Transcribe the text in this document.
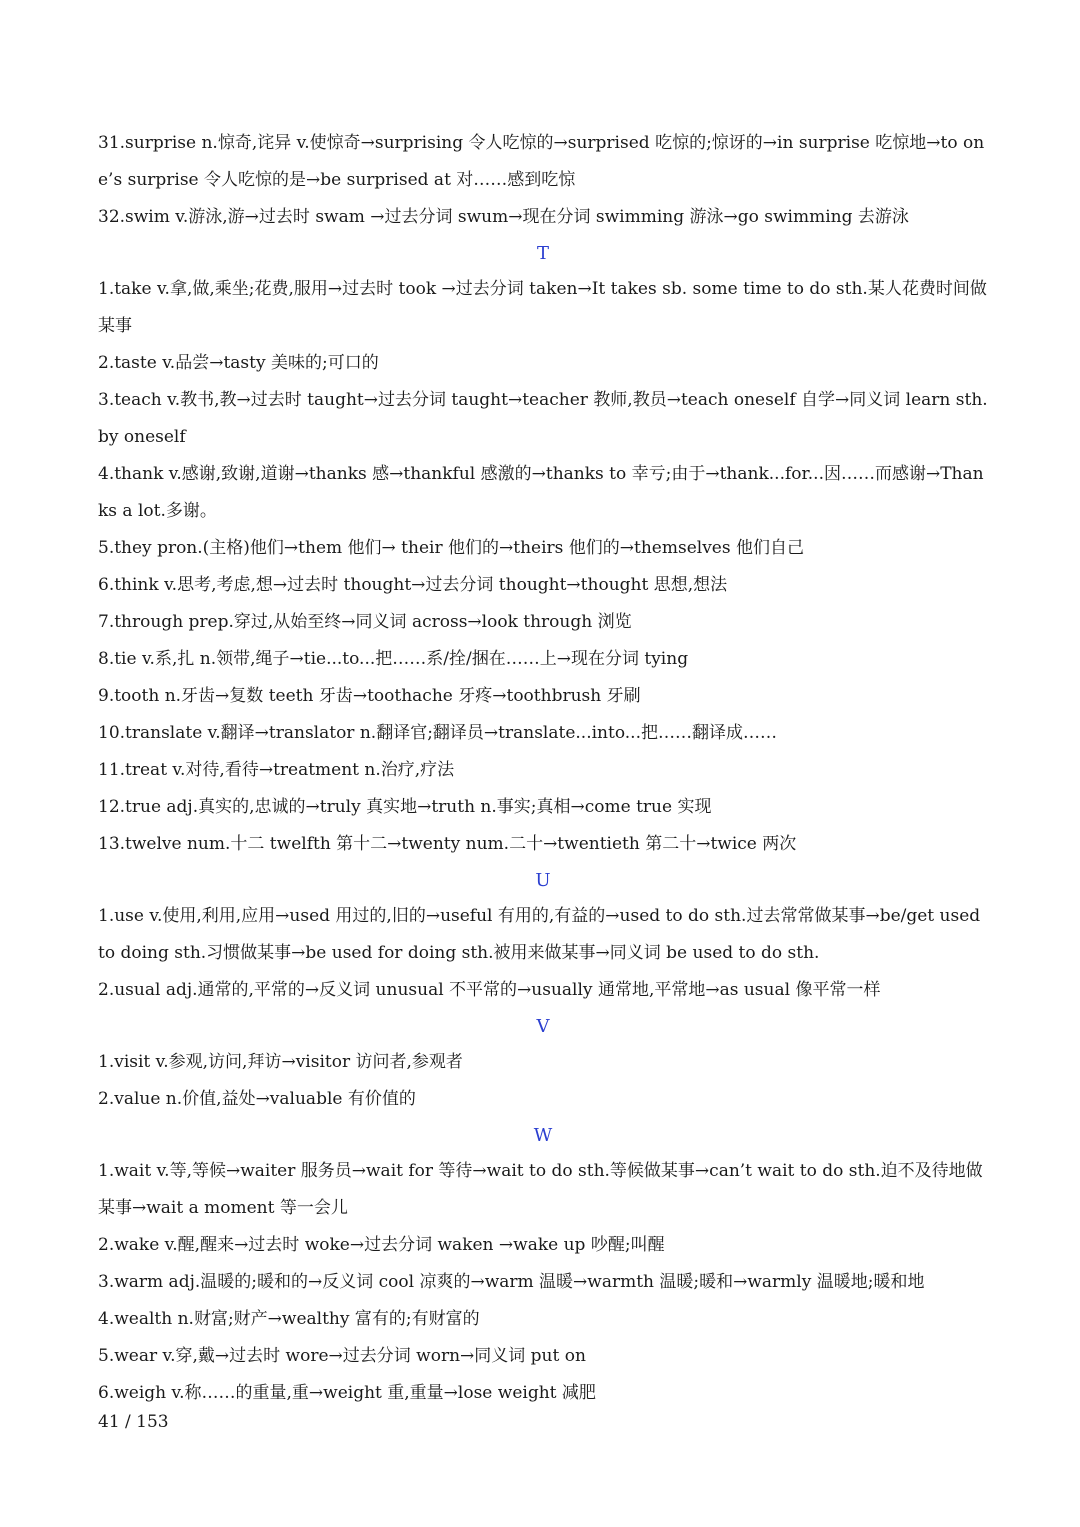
31.surprise n.惊奇,诧异 v.使惊奇→surprising 令人吃惊的→surprised 吃惊的;惊讶的→in surprise 吃惊地→to one’s surprise 令人吃惊的是→be surprised at 对……感到吃惊

32.swim v.游泳,游→过去时 swam →过去分词 swum→现在分词 swimming 游泳→go swimming 去游泳

T

1.take v.拿,做,乘坐;花费,服用→过去时 took →过去分词 taken→It takes sb. some time to do sth.某人花费时间做某事

2.taste v.品尝→tasty 美味的;可口的

3.teach v.教书,教→过去时 taught→过去分词 taught→teacher 教师,教员→teach oneself 自学→同义词 learn sth. by oneself

4.thank v.感谢,致谢,道谢→thanks 感→thankful 感激的→thanks to 幸亏;由于→thank...for...因……而感谢→Thanks a lot.多谢。

5.they pron.(主格)他们→them 他们→ their 他们的→theirs 他们的→themselves 他们自己

6.think v.思考,考虑,想→过去时 thought→过去分词 thought→thought 思想,想法

7.through prep.穿过,从始至终→同义词 across→look through 浏览

8.tie v.系,扎 n.领带,绳子→tie...to...把……系/拴/捆在……上→现在分词 tying

9.tooth n.牙齿→复数 teeth 牙齿→toothache 牙疼→toothbrush 牙刷

10.translate v.翻译→translator n.翻译官;翻译员→translate...into...把……翻译成……

11.treat v.对待,看待→treatment n.治疗,疗法

12.true adj.真实的,忠诚的→truly 真实地→truth n.事实;真相→come true 实现

13.twelve num.十二 twelfth 第十二→twenty num.二十→twentieth 第二十→twice 两次

U

1.use v.使用,利用,应用→used 用过的,旧的→useful 有用的,有益的→used to do sth.过去常常做某事→be/get used to doing sth.习惯做某事→be used for doing sth.被用来做某事→同义词 be used to do sth.

2.usual adj.通常的,平常的→反义词 unusual 不平常的→usually 通常地,平常地→as usual 像平常一样

V

1.visit v.参观,访问,拜访→visitor 访问者,参观者

2.value n.价值,益处→valuable 有价值的

W

1.wait v.等,等候→waiter 服务员→wait for 等待→wait to do sth.等候做某事→can’t wait to do sth.迫不及待地做某事→wait a moment 等一会儿

2.wake v.醒,醒来→过去时 woke→过去分词 waken →wake up 吵醒;叫醒

3.warm adj.温暖的;暖和的→反义词 cool 凉爽的→warm 温暖→warmth 温暖;暖和→warmly 温暖地;暖和地

4.wealth n.财富;财产→wealthy 富有的;有财富的

5.wear v.穿,戴→过去时 wore→过去分词 worn→同义词 put on

6.weigh v.称……的重量,重→weight 重,重量→lose weight 减肥

41 / 153
